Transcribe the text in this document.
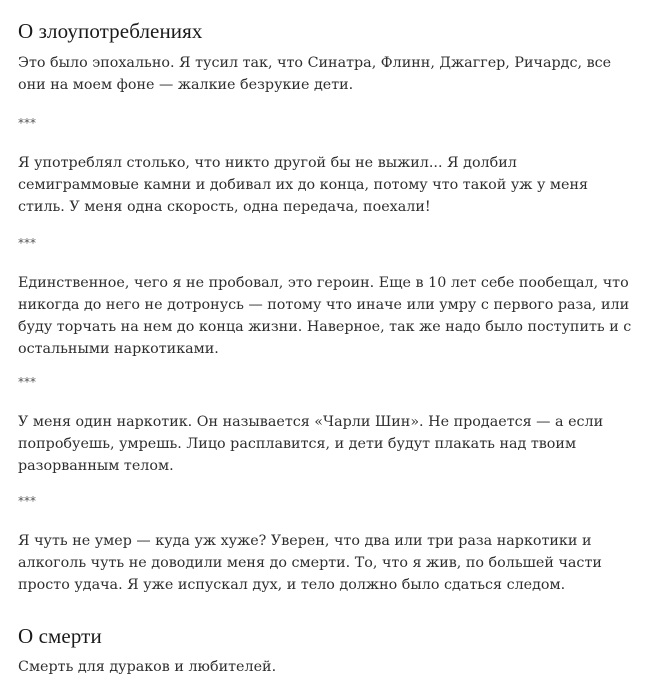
О злоупотреблениях

Это было эпохально. Я тусил так, что Синатра, Флинн, Джаггер, Ричардс, все они на моем фоне — жалкие безрукие дети.

***

Я употреблял столько, что никто другой бы не выжил... Я долбил семиграммовые камни и добивал их до конца, потому что такой уж у меня стиль. У меня одна скорость, одна передача, поехали!

***

Единственное, чего я не пробовал, это героин. Еще в 10 лет себе пообещал, что никогда до него не дотронусь — потому что иначе или умру с первого раза, или буду торчать на нем до конца жизни. Наверное, так же надо было поступить и с остальными наркотиками.

***

У меня один наркотик. Он называется «Чарли Шин». Не продается — а если попробуешь, умрешь. Лицо расплавится, и дети будут плакать над твоим разорванным телом.

***

Я чуть не умер — куда уж хуже? Уверен, что два или три раза наркотики и алкоголь чуть не доводили меня до смерти. То, что я жив, по большей части просто удача. Я уже испускал дух, и тело должно было сдаться следом.

О смерти

Смерть для дураков и любителей.
